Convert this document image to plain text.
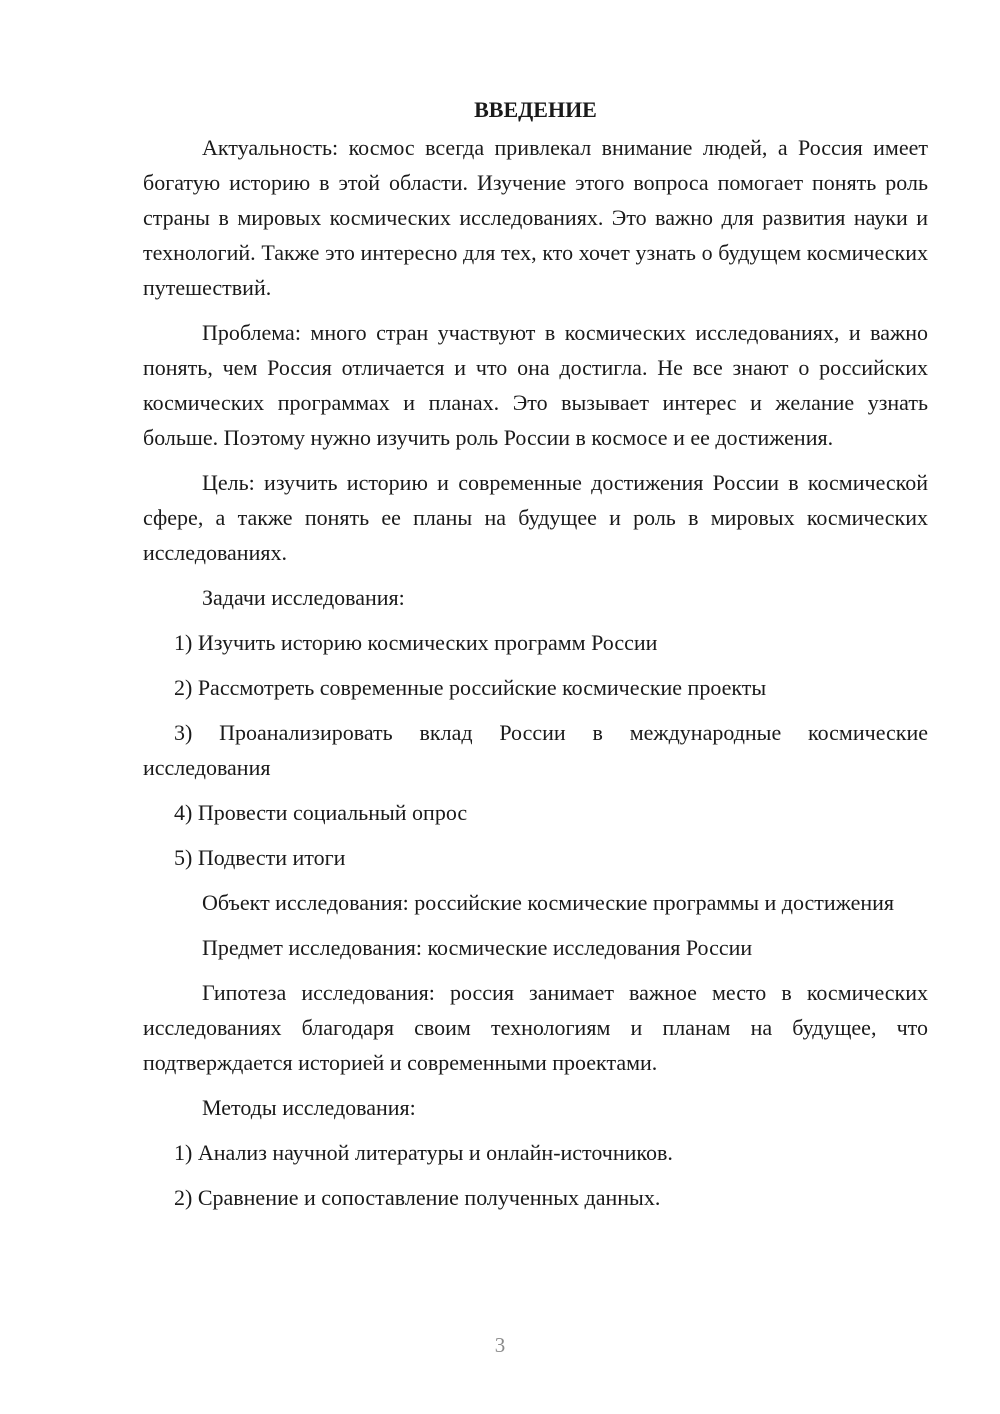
ВВЕДЕНИЕ

Актуальность: космос всегда привлекал внимание людей, а Россия имеет богатую историю в этой области. Изучение этого вопроса помогает понять роль страны в мировых космических исследованиях. Это важно для развития науки и технологий. Также это интересно для тех, кто хочет узнать о будущем космических путешествий.

Проблема: много стран участвуют в космических исследованиях, и важно понять, чем Россия отличается и что она достигла. Не все знают о российских космических программах и планах. Это вызывает интерес и желание узнать больше. Поэтому нужно изучить роль России в космосе и ее достижения.

Цель: изучить историю и современные достижения России в космической сфере, а также понять ее планы на будущее и роль в мировых космических исследованиях.

Задачи исследования:

1) Изучить историю космических программ России

2) Рассмотреть современные российские космические проекты

3) Проанализировать вклад России в международные космические исследования

4) Провести социальный опрос

5) Подвести итоги

Объект исследования: российские космические программы и достижения

Предмет исследования: космические исследования России

Гипотеза исследования: россия занимает важное место в космических исследованиях благодаря своим технологиям и планам на будущее, что подтверждается историей и современными проектами.

Методы исследования:

1) Анализ научной литературы и онлайн-источников.

2) Сравнение и сопоставление полученных данных.

3
